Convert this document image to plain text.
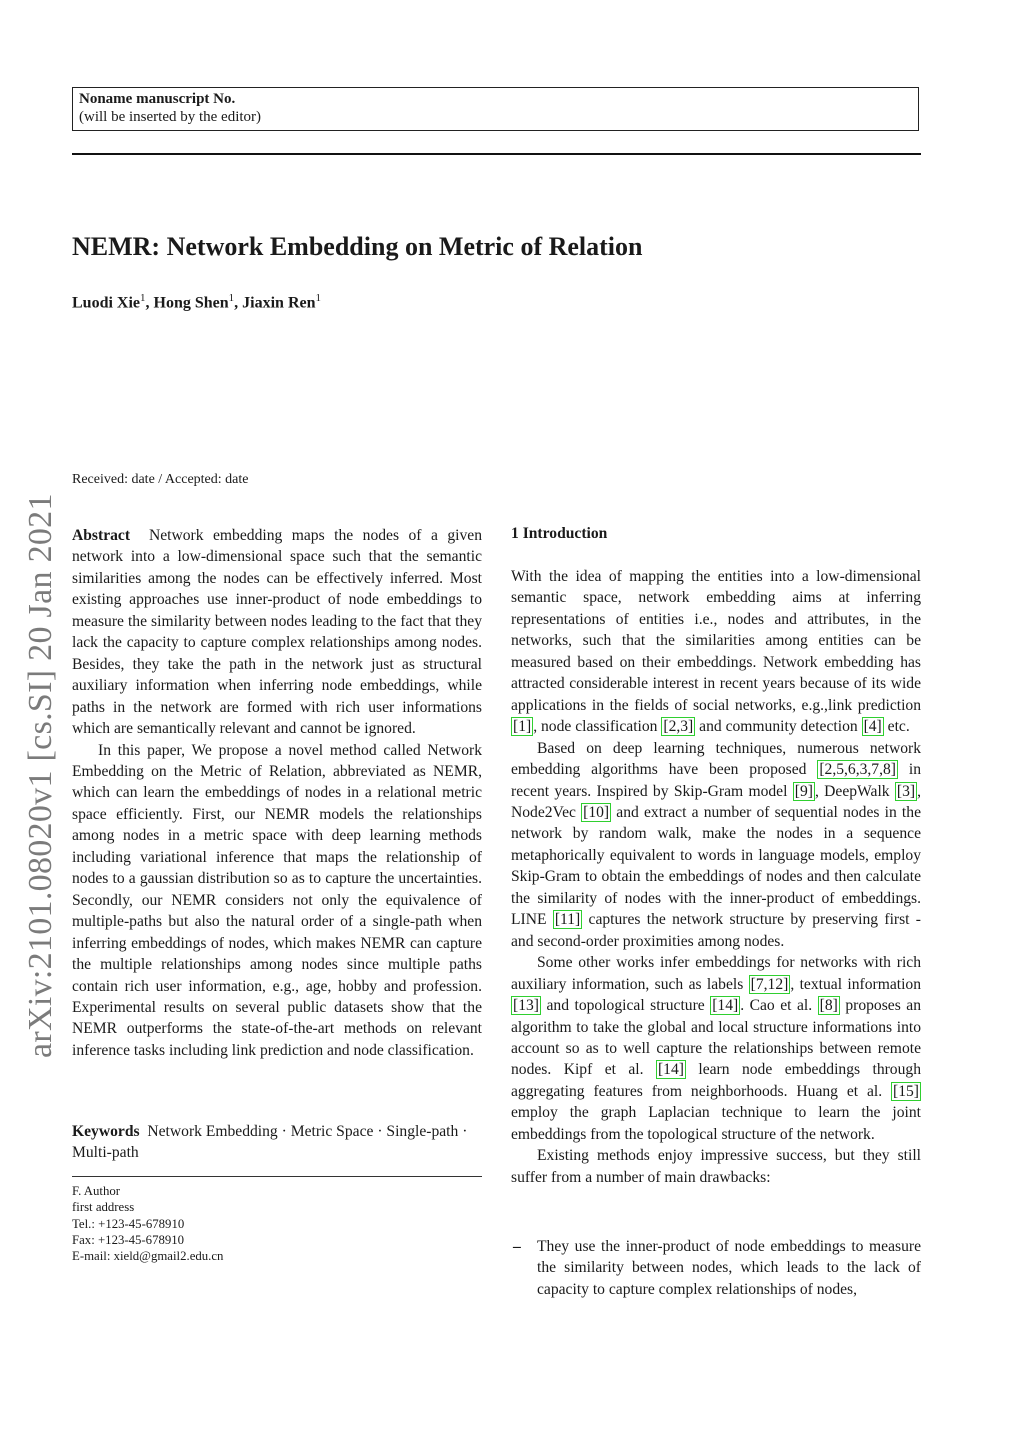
Noname manuscript No.
(will be inserted by the editor)
NEMR: Network Embedding on Metric of Relation
Luodi Xie$^1$, Hong Shen$^1$, Jiaxin Ren$^1$
arXiv:2101.08020v1 [cs.SI] 20 Jan 2021
Received: date / Accepted: date

Abstract Network embedding maps the nodes of a given network into a low-dimensional space such that the semantic similarities among the nodes can be effectively inferred. Most existing approaches use inner-product of node embeddings to measure the similarity between nodes leading to the fact that they lack the capacity to capture complex relationships among nodes. Besides, they take the path in the network just as structural auxiliary information when inferring node embeddings, while paths in the network are formed with rich user informations which are semantically relevant and cannot be ignored.

In this paper, We propose a novel method called Network Embedding on the Metric of Relation, abbreviated as NEMR, which can learn the embeddings of nodes in a relational metric space efficiently. First, our NEMR models the relationships among nodes in a metric space with deep learning methods including variational inference that maps the relationship of nodes to a gaussian distribution so as to capture the uncertainties. Secondly, our NEMR considers not only the equivalence of multiple-paths but also the natural order of a single-path when inferring embeddings of nodes, which makes NEMR can capture the multiple relationships among nodes since multiple paths contain rich user information, e.g., age, hobby and profession. Experimental results on several public datasets show that the NEMR outperforms the state-of-the-art methods on relevant inference tasks including link prediction and node classification.

Keywords Network Embedding · Metric Space · Single-path · Multi-path
F. Author
first address
Tel.: +123-45-678910
Fax: +123-45-678910
E-mail: xield@gmail2.edu.cn
1 Introduction

With the idea of mapping the entities into a low-dimensional semantic space, network embedding aims at inferring representations of entities i.e., nodes and attributes, in the networks, such that the similarities among entities can be measured based on their embeddings. Network embedding has attracted considerable interest in recent years because of its wide applications in the fields of social networks, e.g.,link prediction [1] , node classification [2,3] and community detection [4] etc.

Based on deep learning techniques, numerous network embedding algorithms have been proposed [2,5,6,3,7,8] in recent years. Inspired by Skip-Gram model [9] , DeepWalk [3] , Node2Vec [10] and extract a number of sequential nodes in the network by random walk, make the nodes in a sequence metaphorically equivalent to words in language models, employ Skip-Gram to obtain the embeddings of nodes and then calculate the similarity of nodes with the inner-product of embeddings. LINE [11] captures the network structure by preserving first - and second-order proximities among nodes.

Some other works infer embeddings for networks with rich auxiliary information, such as labels [7,12] , textual information [13] and topological structure [14] . Cao et al. [8] proposes an algorithm to take the global and local structure informations into account so as to well capture the relationships between remote nodes. Kipf et al. [14] learn node embeddings through aggregating features from neighborhoods. Huang et al. [15] employ the graph Laplacian technique to learn the joint embeddings from the topological structure of the network.

Existing methods enjoy impressive success, but they still suffer from a number of main drawbacks:

– They use the inner-product of node embeddings to measure the similarity between nodes, which leads to the lack of capacity to capture complex relationships of nodes,
